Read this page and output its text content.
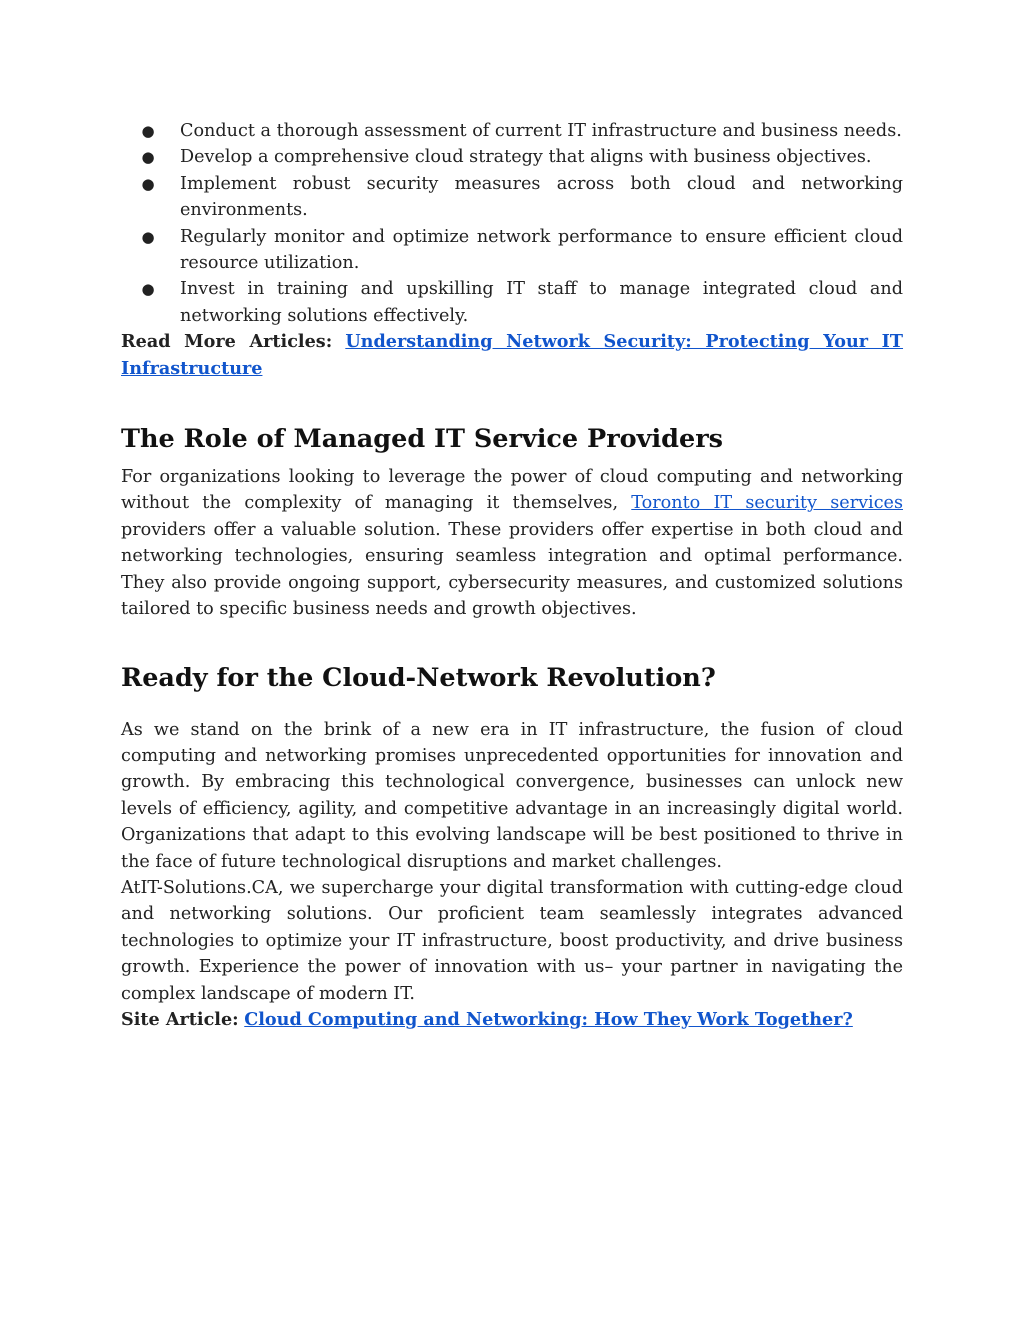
● Conduct a thorough assessment of current IT infrastructure and business needs.
● Develop a comprehensive cloud strategy that aligns with business objectives.
● Implement robust security measures across both cloud and networking environments.
● Regularly monitor and optimize network performance to ensure efficient cloud resource utilization.
● Invest in training and upskilling IT staff to manage integrated cloud and networking solutions effectively.

Read More Articles: Understanding Network Security: Protecting Your IT Infrastructure

The Role of Managed IT Service Providers

For organizations looking to leverage the power of cloud computing and networking without the complexity of managing it themselves, Toronto IT security services providers offer a valuable solution. These providers offer expertise in both cloud and networking technologies, ensuring seamless integration and optimal performance. They also provide ongoing support, cybersecurity measures, and customized solutions tailored to specific business needs and growth objectives.

Ready for the Cloud-Network Revolution?

As we stand on the brink of a new era in IT infrastructure, the fusion of cloud computing and networking promises unprecedented opportunities for innovation and growth. By embracing this technological convergence, businesses can unlock new levels of efficiency, agility, and competitive advantage in an increasingly digital world. Organizations that adapt to this evolving landscape will be best positioned to thrive in the face of future technological disruptions and market challenges.

AtIT-Solutions.CA, we supercharge your digital transformation with cutting-edge cloud and networking solutions. Our proficient team seamlessly integrates advanced technologies to optimize your IT infrastructure, boost productivity, and drive business growth. Experience the power of innovation with us– your partner in navigating the complex landscape of modern IT.

Site Article: Cloud Computing and Networking: How They Work Together?
